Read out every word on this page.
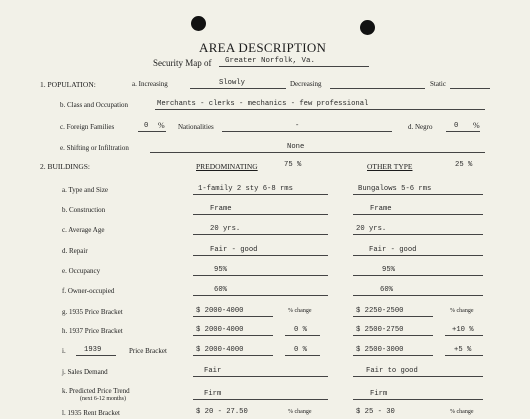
AREA DESCRIPTION
Security Map of Greater Norfolk, Va.
1. POPULATION:	a. Increasing	Slowly	Decreasing	Static
b. Class and Occupation	Merchants - clerks - mechanics - few professional
c. Foreign Families	0 % Nationalities	-	d. Negro	0 %
e. Shifting or Infiltration	None
2. BUILDINGS:	PREDOMINATING	75 %	OTHER TYPE	25 %
a. Type and Size	1-family 2 sty 6-8 rms	Bungalows 5-6 rms
b. Construction	Frame	Frame
c. Average Age	20 yrs.	20 yrs.
d. Repair	Fair - good	Fair - good
e. Occupancy	95%	95%
f. Owner-occupied	60%	60%
g. 1935 Price Bracket	$ 2000-4000	% change	$ 2250-2500	% change
h. 1937 Price Bracket	$ 2000-4000	0 %	$ 2500-2750	+10 %
i.	1939	Price Bracket	$ 2000-4000	0 %	$ 2500-3000	+5 %
j. Sales Demand	Fair	Fair to good
k. Predicted Price Trend
(next 6-12 months)
Firm	Firm
l. 1935 Rent Bracket	$ 20 - 27.50	% change	$ 25 - 30	% change
